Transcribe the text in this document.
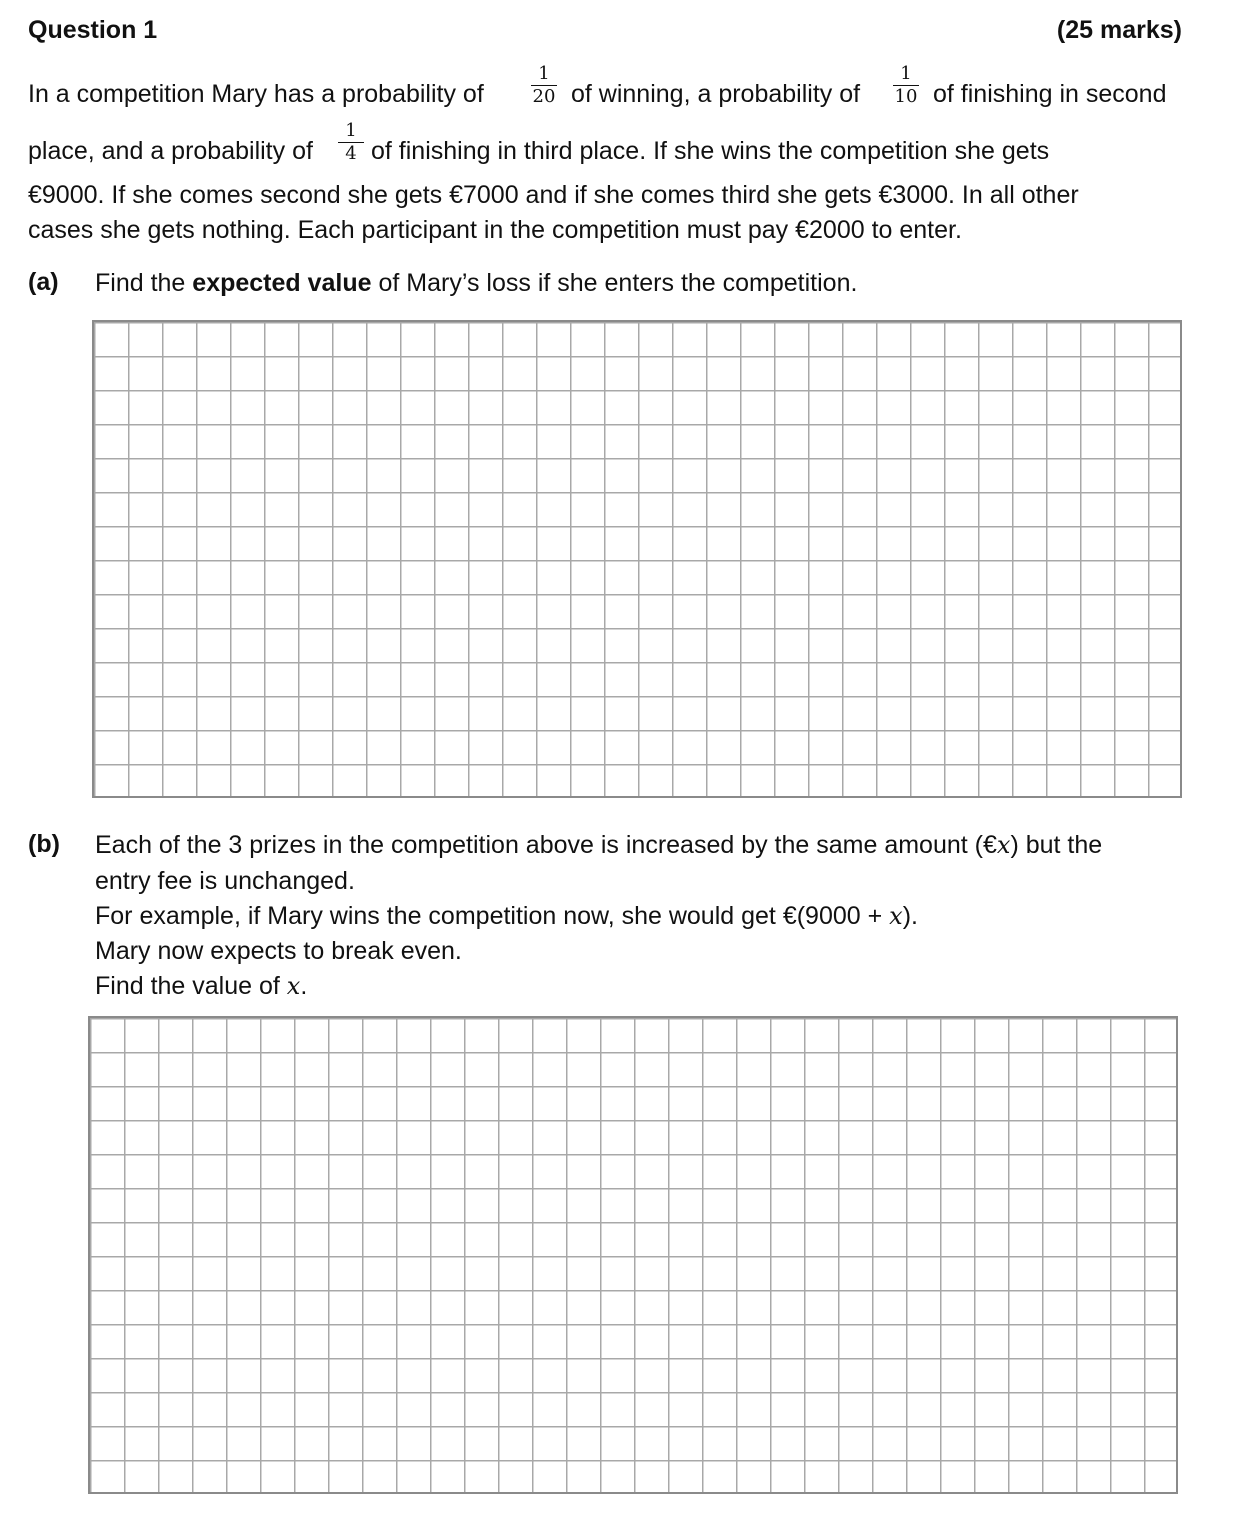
Question 1	(25 marks)
In a competition Mary has a probability of
1
20 of winning, a probability of
1
10 of finishing in second
place, and a probability of
1
4 of finishing in third place. If she wins the competition she gets
€9000. If she comes second she gets €7000 and if she comes third she gets €3000. In all other
cases she gets nothing. Each participant in the competition must pay €2000 to enter.
(a) Find the expected value of Mary’s loss if she enters the competition.
(b) Each of the 3 prizes in the competition above is increased by the same amount (€x) but the
entry fee is unchanged.
For example, if Mary wins the competition now, she would get €(9000 + x).
Mary now expects to break even.
Find the value of x.
